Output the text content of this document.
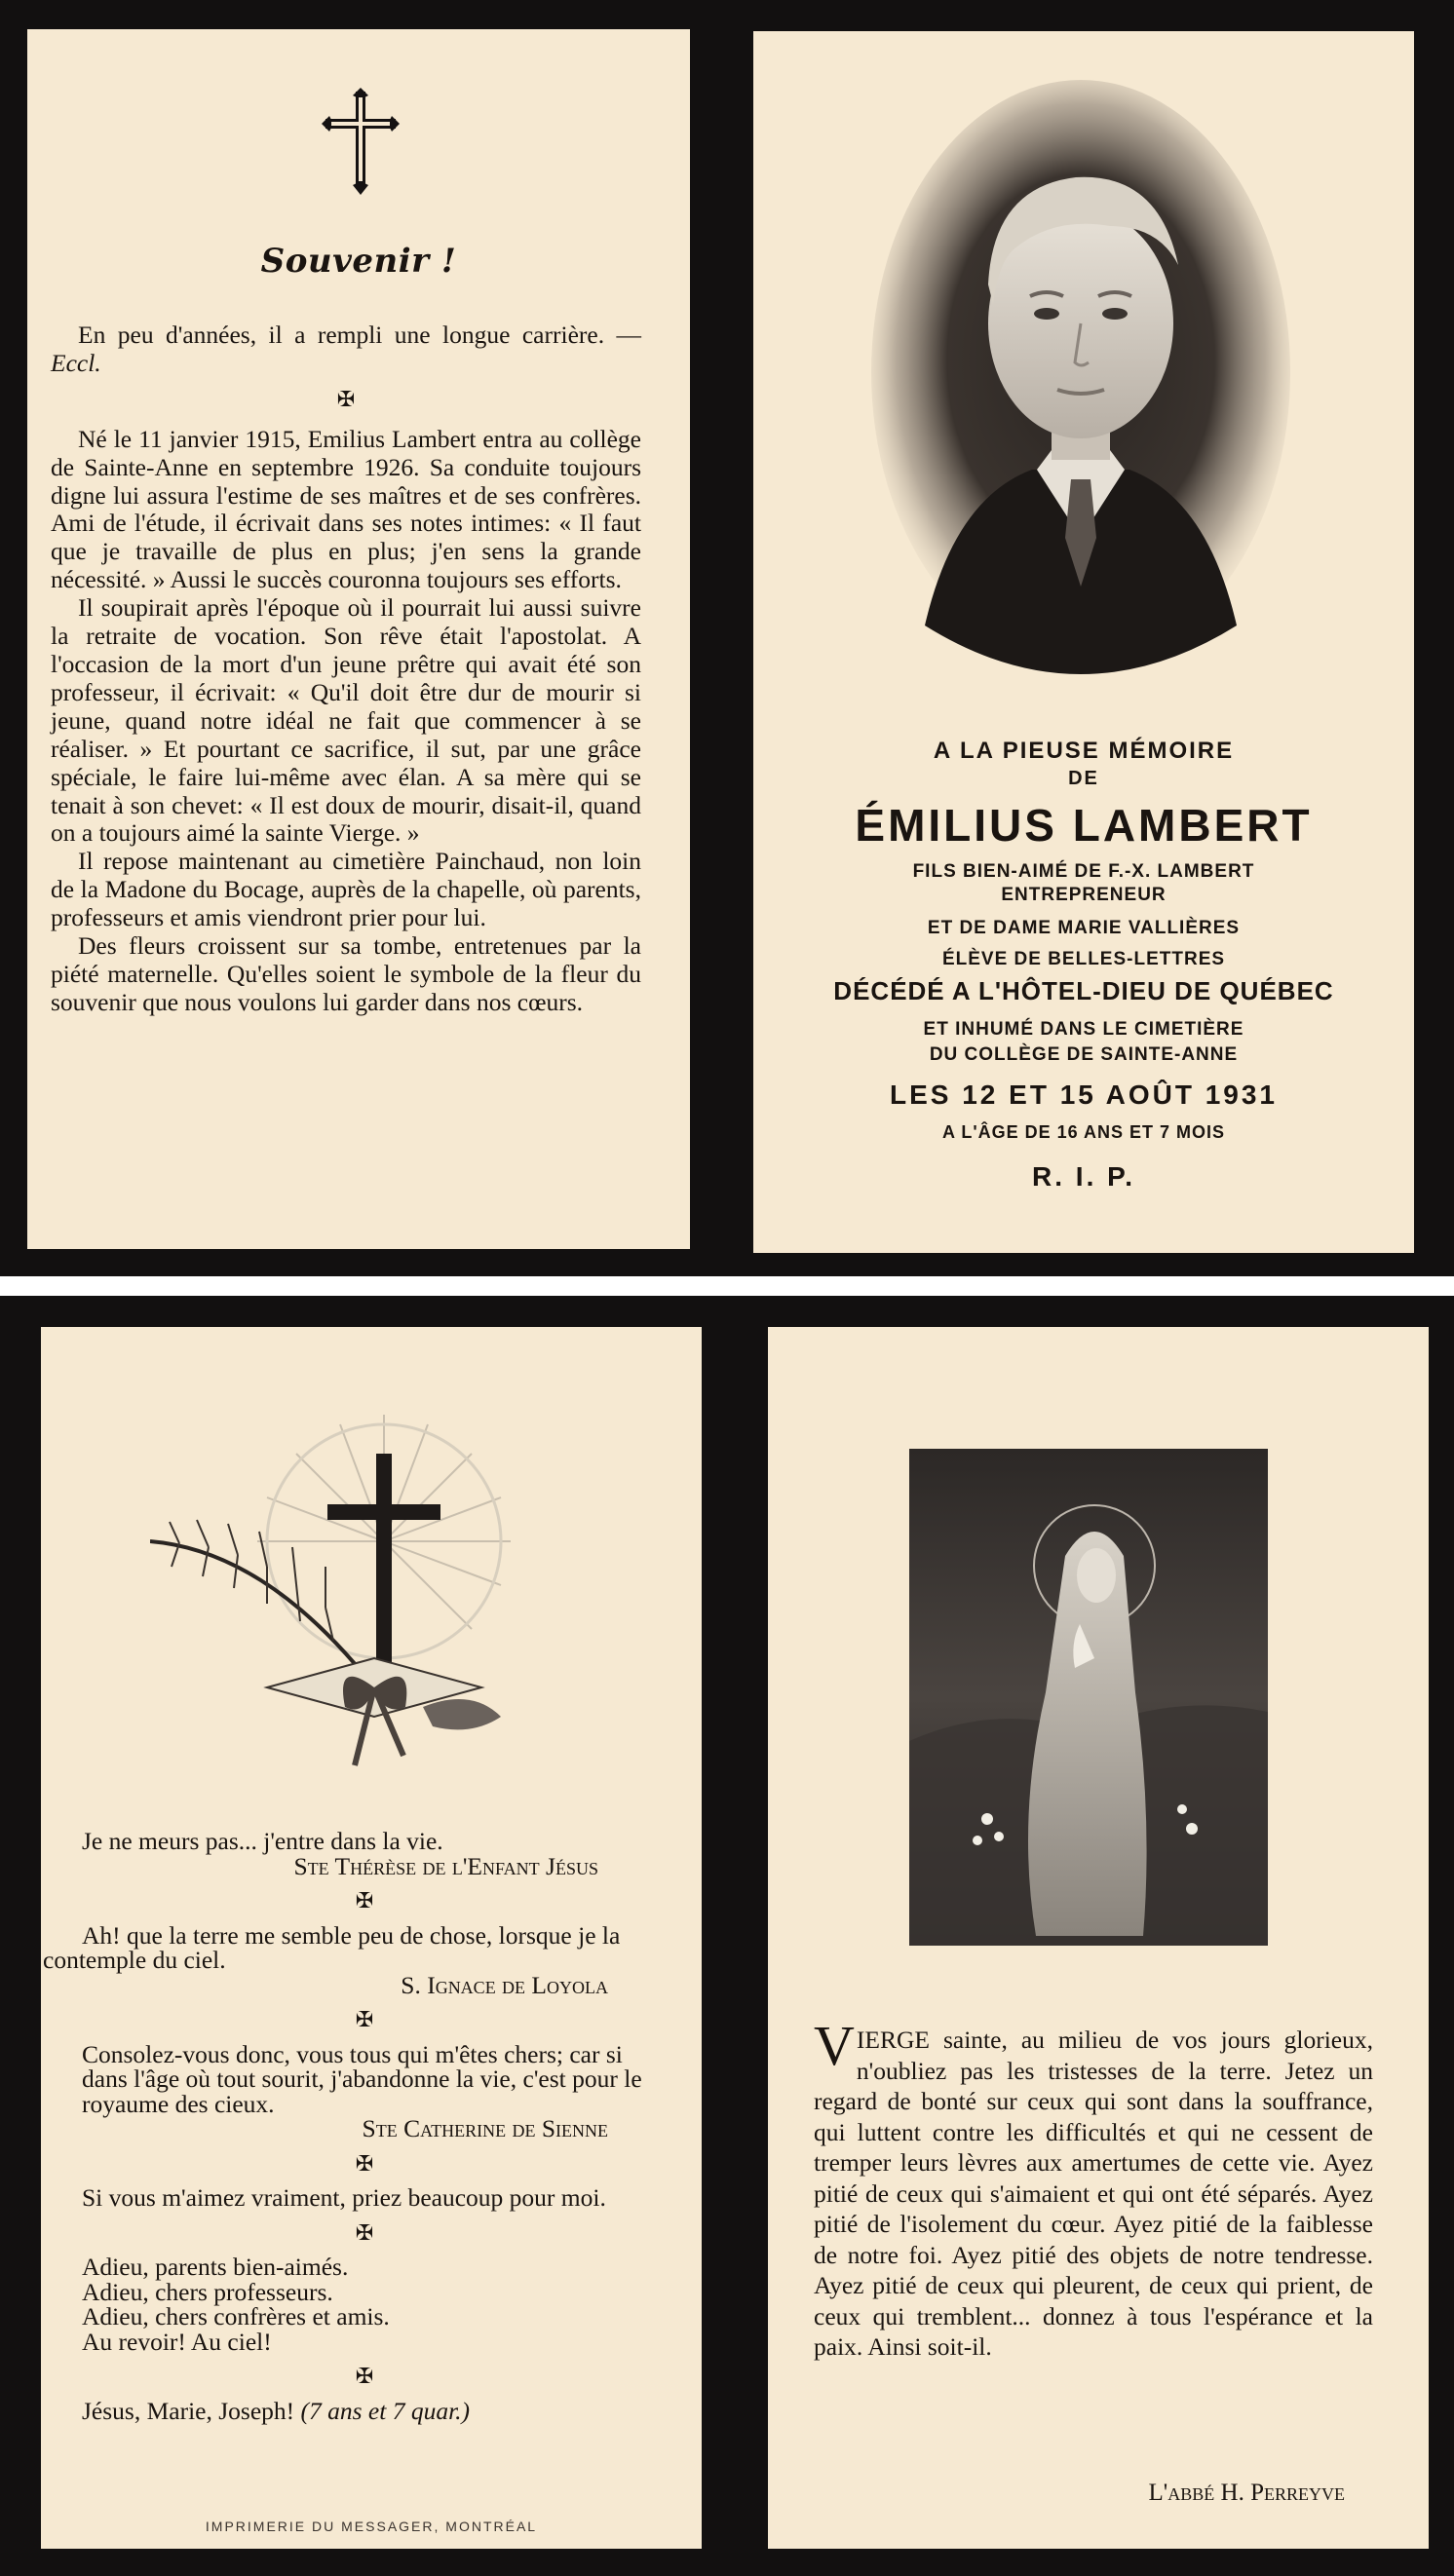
Souvenir !

En peu d'années, il a rempli une longue carrière. — Eccl.

✠

Né le 11 janvier 1915, Emilius Lambert entra au collège de Sainte-Anne en septembre 1926. Sa conduite toujours digne lui assura l'estime de ses maîtres et de ses confrères. Ami de l'étude, il écrivait dans ses notes intimes: « Il faut que je travaille de plus en plus; j'en sens la grande nécessité. » Aussi le succès couronna toujours ses efforts.

Il soupirait après l'époque où il pourrait lui aussi suivre la retraite de vocation. Son rêve était l'apostolat. A l'occasion de la mort d'un jeune prêtre qui avait été son professeur, il écrivait: « Qu'il doit être dur de mourir si jeune, quand notre idéal ne fait que commencer à se réaliser. » Et pourtant ce sacrifice, il sut, par une grâce spéciale, le faire lui-même avec élan. A sa mère qui se tenait à son chevet: « Il est doux de mourir, disait-il, quand on a toujours aimé la sainte Vierge. »

Il repose maintenant au cimetière Painchaud, non loin de la Madone du Bocage, auprès de la chapelle, où parents, professeurs et amis viendront prier pour lui.

Des fleurs croissent sur sa tombe, entretenues par la piété maternelle. Qu'elles soient le symbole de la fleur du souvenir que nous voulons lui garder dans nos cœurs.

A LA PIEUSE MÉMOIRE
DE
ÉMILIUS LAMBERT
FILS BIEN-AIMÉ DE F.-X. LAMBERT
ENTREPRENEUR
ET DE DAME MARIE VALLIÈRES
ÉLÈVE DE BELLES-LETTRES
DÉCÉDÉ A L'HÔTEL-DIEU DE QUÉBEC
ET INHUMÉ DANS LE CIMETIÈRE
DU COLLÈGE DE SAINTE-ANNE
LES 12 ET 15 AOÛT 1931
A L'ÂGE DE 16 ANS ET 7 MOIS
R. I. P.

Je ne meurs pas... j'entre dans la vie.

Ste Thérèse de l'Enfant Jésus

✠

Ah! que la terre me semble peu de chose, lorsque je la contemple du ciel.

S. Ignace de Loyola

✠

Consolez-vous donc, vous tous qui m'êtes chers; car si dans l'âge où tout sourit, j'abandonne la vie, c'est pour le royaume des cieux.

Ste Catherine de Sienne

✠

Si vous m'aimez vraiment, priez beaucoup pour moi.

✠

Adieu, parents bien-aimés.

Adieu, chers professeurs.

Adieu, chers confrères et amis.

Au revoir! Au ciel!

✠

Jésus, Marie, Joseph! (7 ans et 7 quar.)

IMPRIMERIE DU MESSAGER, MONTRÉAL
VIERGE sainte, au milieu de vos jours glorieux, n'oubliez pas les tristesses de la terre. Jetez un regard de bonté sur ceux qui sont dans la souffrance, qui luttent contre les difficultés et qui ne cessent de tremper leurs lèvres aux amertumes de cette vie. Ayez pitié de ceux qui s'aimaient et qui ont été séparés. Ayez pitié de l'isolement du cœur. Ayez pitié de la faiblesse de notre foi. Ayez pitié des objets de notre tendresse. Ayez pitié de ceux qui pleurent, de ceux qui prient, de ceux qui tremblent... donnez à tous l'espérance et la paix. Ainsi soit-il.
L'abbé H. Perreyve
